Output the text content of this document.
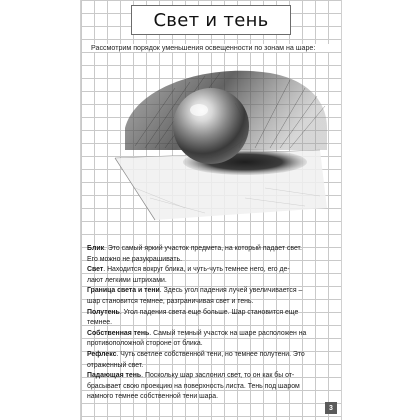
Свет и тень
Рассмотрим порядок уменьшения освещенности по зонам на шаре:

Блик. Это самый яркий участок предмета, на который падает свет.
Его можно не разукрашивать.

Свет. Находится вокруг блика, и чуть-чуть темнее него, его де-
лают легкими штрихами.

Граница света и тени. Здесь угол падения лучей увеличивается –
шар становится темнее, разграничивая свет и тень.

Полутень. Угол падения света еще больше. Шар становится еще
темнее.

Собственная тень. Самый темный участок на шаре расположен на
противоположной стороне от блика.

Рефлекс. Чуть светлее собственной тени, но темнее полутени. Это
отраженный свет.

Падающая тень. Поскольку шар заслонил свет, то он как бы от-
брасывает свою проекцию на поверхность листа. Тень под шаром
намного темнее собственной тени шара.

3
